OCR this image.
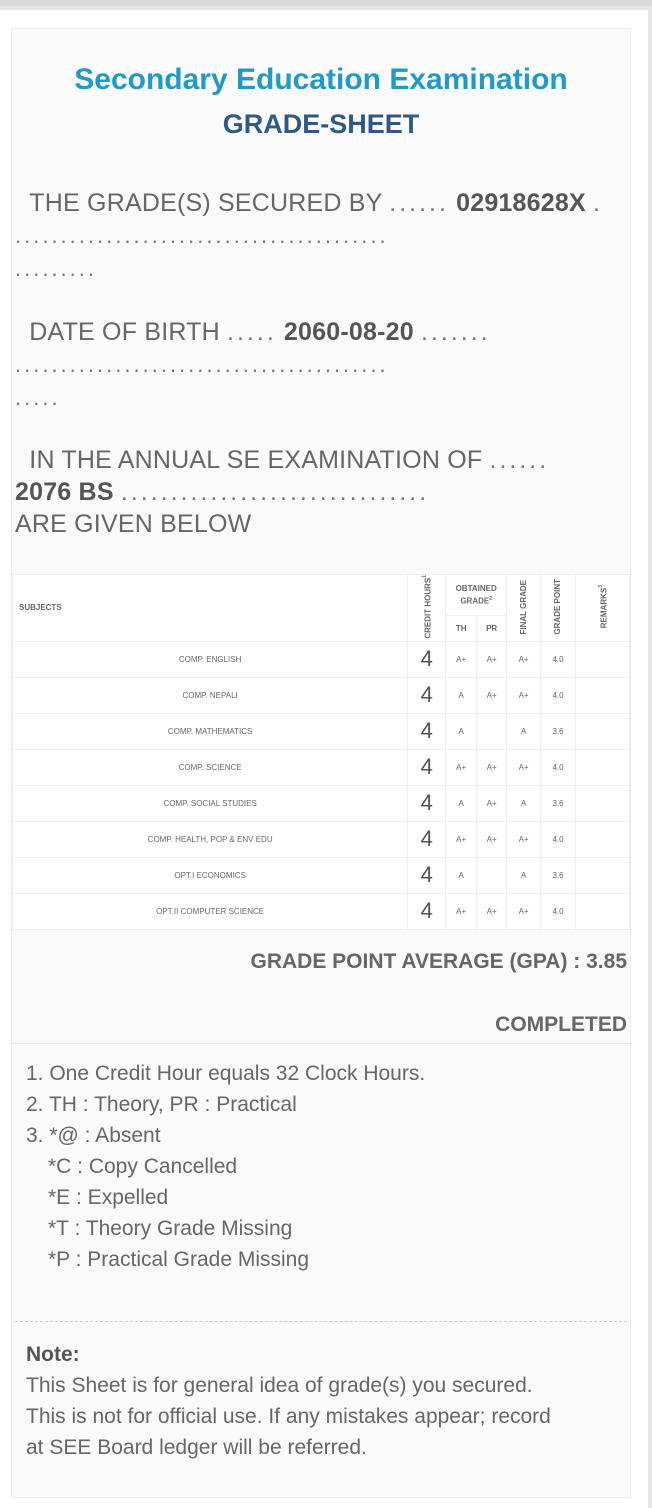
Secondary Education Examination
GRADE-SHEET
THE GRADE(S) SECURED BY ...... 02918628X .
.........................................
.........
DATE OF BIRTH ..... 2060-08-20 .......
.........................................
.....
IN THE ANNUAL SE EXAMINATION OF ......
2076 BS ...............................
ARE GIVEN BELOW
SUBJECTS	CREDIT HOURS$^1$	OBTAINED GRADE$^2$		FINAL GRADE	GRADE POINT	REMARKS$^3$
		TH	PR			
COMP. ENGLISH	4	A+	A+	A+	4.0	
COMP. NEPALI	4	A	A+	A+	4.0	
COMP. MATHEMATICS	4	A		A	3.6	
COMP. SCIENCE	4	A+	A+	A+	4.0	
COMP. SOCIAL STUDIES	4	A	A+	A	3.6	
COMP. HEALTH, POP & ENV EDU	4	A+	A+	A+	4.0	
OPT.I ECONOMICS	4	A		A	3.6	
OPT.II COMPUTER SCIENCE	4	A+	A+	A+	4.0	
GRADE POINT AVERAGE (GPA) : 3.85
COMPLETED
1. One Credit Hour equals 32 Clock Hours.
2. TH : Theory, PR : Practical
3. *@ : Absent
*C : Copy Cancelled
*E : Expelled
*T : Theory Grade Missing
*P : Practical Grade Missing
Note:
This Sheet is for general idea of grade(s) you secured.
This is not for official use. If any mistakes appear; record
at SEE Board ledger will be referred.
